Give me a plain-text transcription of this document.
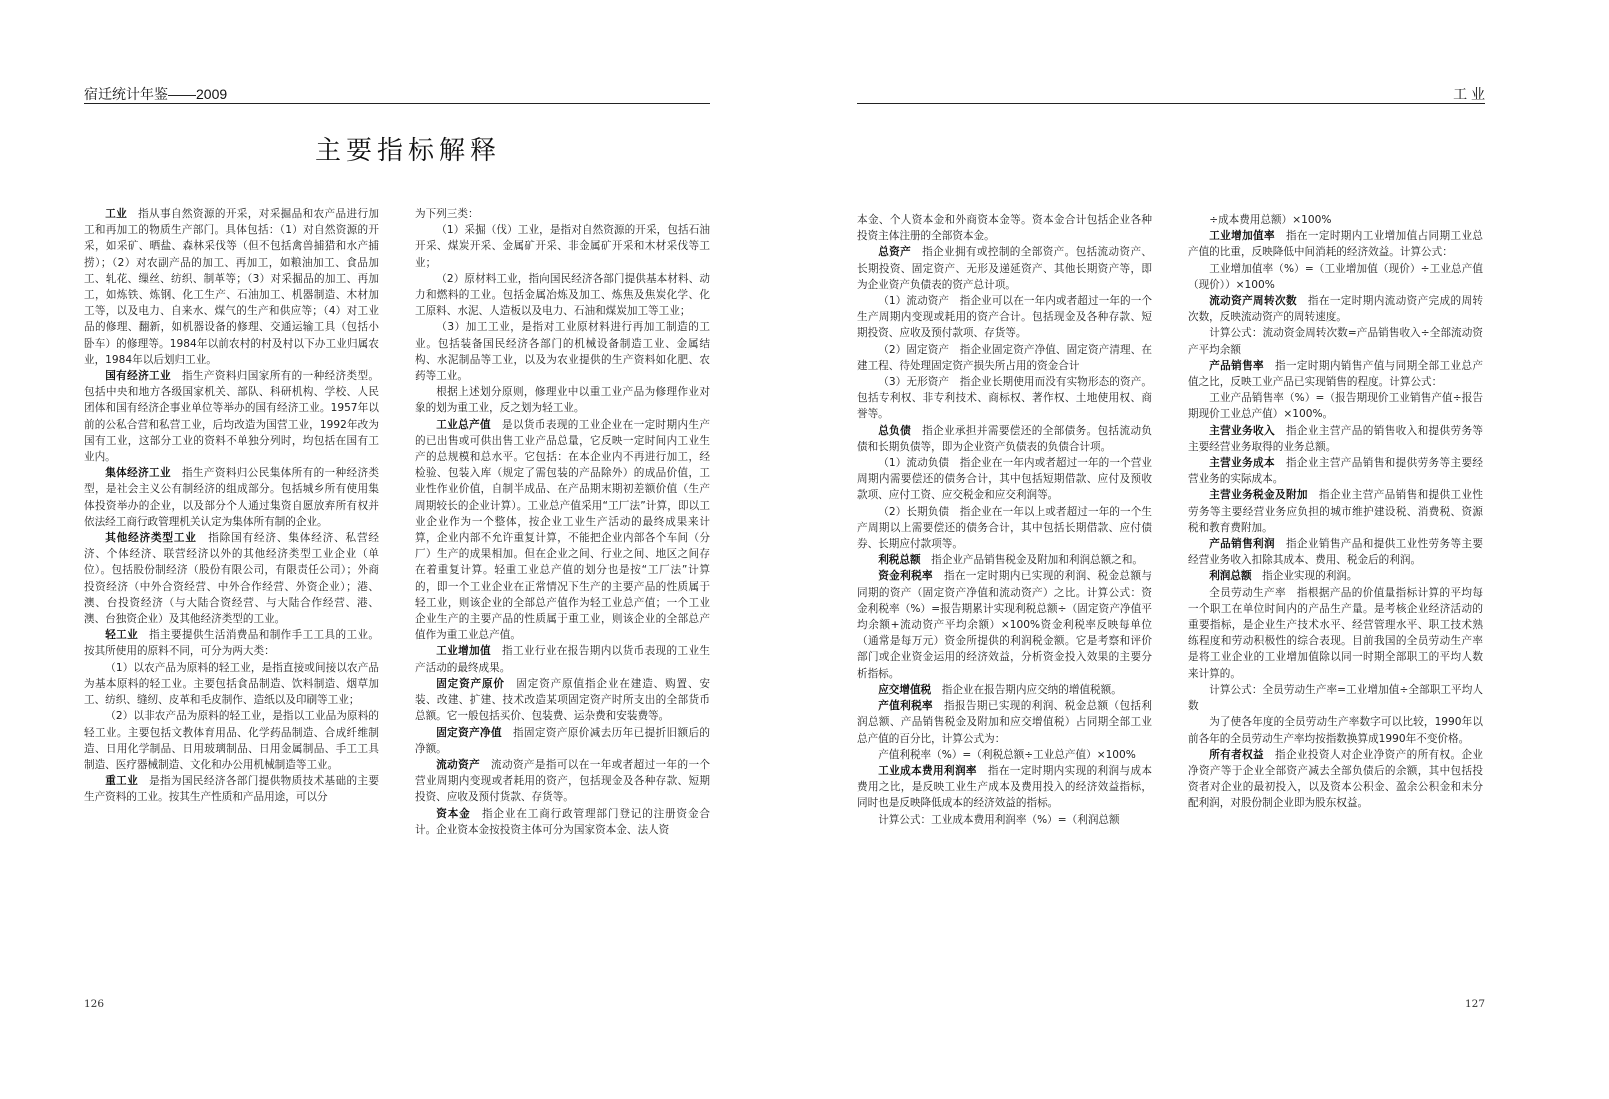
宿迁统计年鉴——2009
主要指标解释

工业　 指从事自然资源的开采，对采掘品和农产品进行加工和再加工的物质生产部门。具体包括：（1）对自然资源的开采，如采矿、晒盐、森林采伐等（但不包括禽兽捕猎和水产捕捞）；（2）对农副产品的加工、再加工，如粮油加工、食品加工、轧花、缫丝、纺织、制革等；（3）对采掘品的加工、再加工，如炼铁、炼钢、化工生产、石油加工、机器制造、木材加工等，以及电力、自来水、煤气的生产和供应等；（4）对工业品的修理、翻新，如机器设备的修理、交通运输工具（包括小卧车）的修理等。1984年以前农村的村及村以下办工业归属农业，1984年以后划归工业。

国有经济工业　 指生产资料归国家所有的一种经济类型。包括中央和地方各级国家机关、部队、科研机构、学校、人民团体和国有经济企事业单位等举办的国有经济工业。1957年以前的公私合营和私营工业，后均改造为国营工业，1992年改为国有工业，这部分工业的资料不单独分列时，均包括在国有工业内。

集体经济工业　 指生产资料归公民集体所有的一种经济类型，是社会主义公有制经济的组成部分。包括城乡所有使用集体投资举办的企业，以及部分个人通过集资自愿放弃所有权并依法经工商行政管理机关认定为集体所有制的企业。

其他经济类型工业　 指除国有经济、集体经济、私营经济、个体经济、联营经济以外的其他经济类型工业企业（单位）。包括股份制经济（股份有限公司，有限责任公司）；外商投资经济（中外合资经营、中外合作经营、外资企业）；港、澳、台投资经济（与大陆合资经营、与大陆合作经营、港、澳、台独资企业）及其他经济类型的工业。

轻工业　 指主要提供生活消费品和制作手工工具的工业。按其所使用的原料不同，可分为两大类：

（1）以农产品为原料的轻工业，是指直接或间接以农产品为基本原料的轻工业。主要包括食品制造、饮料制造、烟草加工、纺织、缝纫、皮革和毛皮制作、造纸以及印刷等工业；

（2）以非农产品为原料的轻工业，是指以工业品为原料的轻工业。主要包括文教体育用品、化学药品制造、合成纤维制造、日用化学制品、日用玻璃制品、日用金属制品、手工工具制造、医疗器械制造、文化和办公用机械制造等工业。

重工业　 是指为国民经济各部门提供物质技术基础的主要生产资料的工业。按其生产性质和产品用途，可以分

为下列三类：

（1）采掘（伐）工业，是指对自然资源的开采，包括石油开采、煤炭开采、金属矿开采、非金属矿开采和木材采伐等工业；

（2）原材料工业，指向国民经济各部门提供基本材料、动力和燃料的工业。包括金属冶炼及加工、炼焦及焦炭化学、化工原料、水泥、人造板以及电力、石油和煤炭加工等工业；

（3）加工工业，是指对工业原材料进行再加工制造的工业。包括装备国民经济各部门的机械设备制造工业、金属结构、水泥制品等工业，以及为农业提供的生产资料如化肥、农药等工业。

根据上述划分原则，修理业中以重工业产品为修理作业对象的划为重工业，反之划为轻工业。

工业总产值　 是以货币表现的工业企业在一定时期内生产的已出售或可供出售工业产品总量，它反映一定时间内工业生产的总规模和总水平。它包括：在本企业内不再进行加工，经检验、包装入库（规定了需包装的产品除外）的成品价值，工业性作业价值，自制半成品、在产品期末期初差额价值（生产周期较长的企业计算）。工业总产值采用“工厂法”计算，即以工业企业作为一个整体，按企业工业生产活动的最终成果来计算，企业内部不允许重复计算，不能把企业内部各个车间（分厂）生产的成果相加。但在企业之间、行业之间、地区之间存在着重复计算。轻重工业总产值的划分也是按“工厂法”计算的，即一个工业企业在正常情况下生产的主要产品的性质属于轻工业，则该企业的全部总产值作为轻工业总产值；一个工业企业生产的主要产品的性质属于重工业，则该企业的全部总产值作为重工业总产值。

工业增加值　 指工业行业在报告期内以货币表现的工业生产活动的最终成果。

固定资产原价　 固定资产原值指企业在建造、购置、安装、改建、扩建、技术改造某项固定资产时所支出的全部货币总额。它一般包括买价、包装费、运杂费和安装费等。

固定资产净值　 指固定资产原价减去历年已提折旧额后的净额。

流动资产　 流动资产是指可以在一年或者超过一年的一个营业周期内变现或者耗用的资产，包括现金及各种存款、短期投资、应收及预付货款、存货等。

资本金　 指企业在工商行政管理部门登记的注册资金合计。企业资本金按投资主体可分为国家资本金、法人资

126
工 业

本金、个人资本金和外商资本金等。资本金合计包括企业各种投资主体注册的全部资本金。

总资产　 指企业拥有或控制的全部资产。包括流动资产、长期投资、固定资产、无形及递延资产、其他长期资产等，即为企业资产负债表的资产总计项。

（1）流动资产　指企业可以在一年内或者超过一年的一个生产周期内变现或耗用的资产合计。包括现金及各种存款、短期投资、应收及预付款项、存货等。

（2）固定资产　指企业固定资产净值、固定资产清理、在建工程、待处理固定资产损失所占用的资金合计

（3）无形资产　指企业长期使用而没有实物形态的资产。包括专利权、非专利技术、商标权、著作权、土地使用权、商誉等。

总负债　 指企业承担并需要偿还的全部债务。包括流动负债和长期负债等，即为企业资产负债表的负债合计项。

（1）流动负债　指企业在一年内或者超过一年的一个营业周期内需要偿还的债务合计，其中包括短期借款、应付及预收款项、应付工资、应交税金和应交利润等。

（2）长期负债　指企业在一年以上或者超过一年的一个生产周期以上需要偿还的债务合计，其中包括长期借款、应付债券、长期应付款项等。

利税总额　 指企业产品销售税金及附加和利润总额之和。

资金利税率　 指在一定时期内已实现的利润、税金总额与同期的资产（固定资产净值和流动资产）之比。计算公式：资金利税率（%）=报告期累计实现利税总额÷（固定资产净值平均余额+流动资产平均余额）×100%资金利税率反映每单位（通常是每万元）资金所提供的利润税金额。它是考察和评价部门或企业资金运用的经济效益，分析资金投入效果的主要分析指标。

应交增值税　 指企业在报告期内应交纳的增值税额。

产值利税率　 指报告期已实现的利润、税金总额（包括利润总额、产品销售税金及附加和应交增值税）占同期全部工业总产值的百分比，计算公式为：

产值利税率（%）=（利税总额÷工业总产值）×100%

工业成本费用利润率　 指在一定时期内实现的利润与成本费用之比，是反映工业生产成本及费用投入的经济效益指标，同时也是反映降低成本的经济效益的指标。

计算公式：工业成本费用利润率（%）=（利润总额

÷成本费用总额）×100%

工业增加值率　 指在一定时期内工业增加值占同期工业总产值的比重，反映降低中间消耗的经济效益。计算公式：

工业增加值率（%）=（工业增加值（现价）÷工业总产值（现价））×100%

流动资产周转次数　 指在一定时期内流动资产完成的周转次数，反映流动资产的周转速度。

计算公式：流动资金周转次数=产品销售收入÷全部流动资产平均余额

产品销售率　 指一定时期内销售产值与同期全部工业总产值之比，反映工业产品已实现销售的程度。计算公式：

工业产品销售率（%）=（报告期现价工业销售产值÷报告期现价工业总产值）×100%。

主营业务收入　 指企业主营产品的销售收入和提供劳务等主要经营业务取得的业务总额。

主营业务成本　 指企业主营产品销售和提供劳务等主要经营业务的实际成本。

主营业务税金及附加　 指企业主营产品销售和提供工业性劳务等主要经营业务应负担的城市维护建设税、消费税、资源税和教育费附加。

产品销售利润　 指企业销售产品和提供工业性劳务等主要经营业务收入扣除其成本、费用、税金后的利润。

利润总额　 指企业实现的利润。

全员劳动生产率　指根据产品的价值量指标计算的平均每一个职工在单位时间内的产品生产量。是考核企业经济活动的重要指标，是企业生产技术水平、经营管理水平、职工技术熟练程度和劳动积极性的综合表现。目前我国的全员劳动生产率是将工业企业的工业增加值除以同一时期全部职工的平均人数来计算的。

计算公式：全员劳动生产率=工业增加值÷全部职工平均人数

为了使各年度的全员劳动生产率数字可以比较，1990年以前各年的全员劳动生产率均按指数换算成1990年不变价格。

所有者权益　 指企业投资人对企业净资产的所有权。企业净资产等于企业全部资产减去全部负债后的余额，其中包括投资者对企业的最初投入，以及资本公积金、盈余公积金和未分配利润，对股份制企业即为股东权益。

127
